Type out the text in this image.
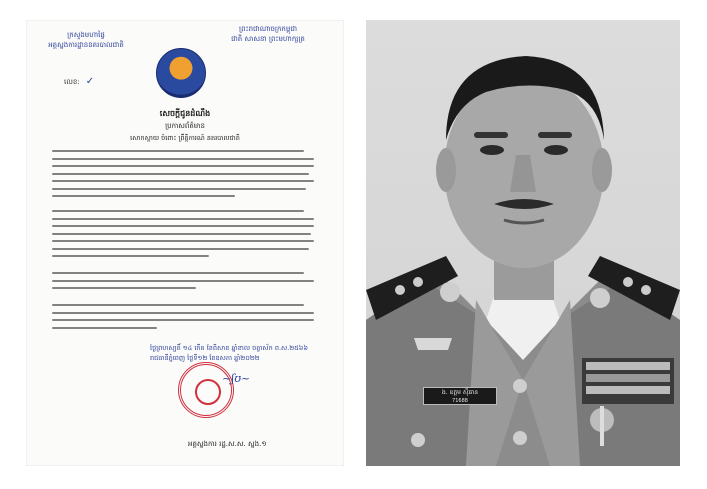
ក្រសួងមហាផ្ទៃ
អគ្គស្នងការដ្ឋាននគរបាលជាតិ
លេខ: ✓
ព្រះរាជាណាចក្រកម្ពុជា
ជាតិ សាសនា ព្រះមហាក្សត្រ
សេចក្តីជូនដំណឹង
ប្រកាសព័ត៌មាន
សោកស្តាយ ចំពោះ ព្រឹត្តិការណ៍ នគរបាលជាតិ
ថ្ងៃព្រហស្បតិ៍ ១៤ កើត ខែពិសាខ ឆ្នាំខាល ចត្វាស័ក ព.ស.២៥៦៦
រាជធានីភ្នំពេញ ថ្ងៃទី១២ ខែឧសភា ឆ្នាំ២០២២
~ʃʊ~
អគ្គស្នងការ រដ្ឋ.ស.ស. ស្នង.១
ង. ឧត្តម ស៊ីឆាន
71688
